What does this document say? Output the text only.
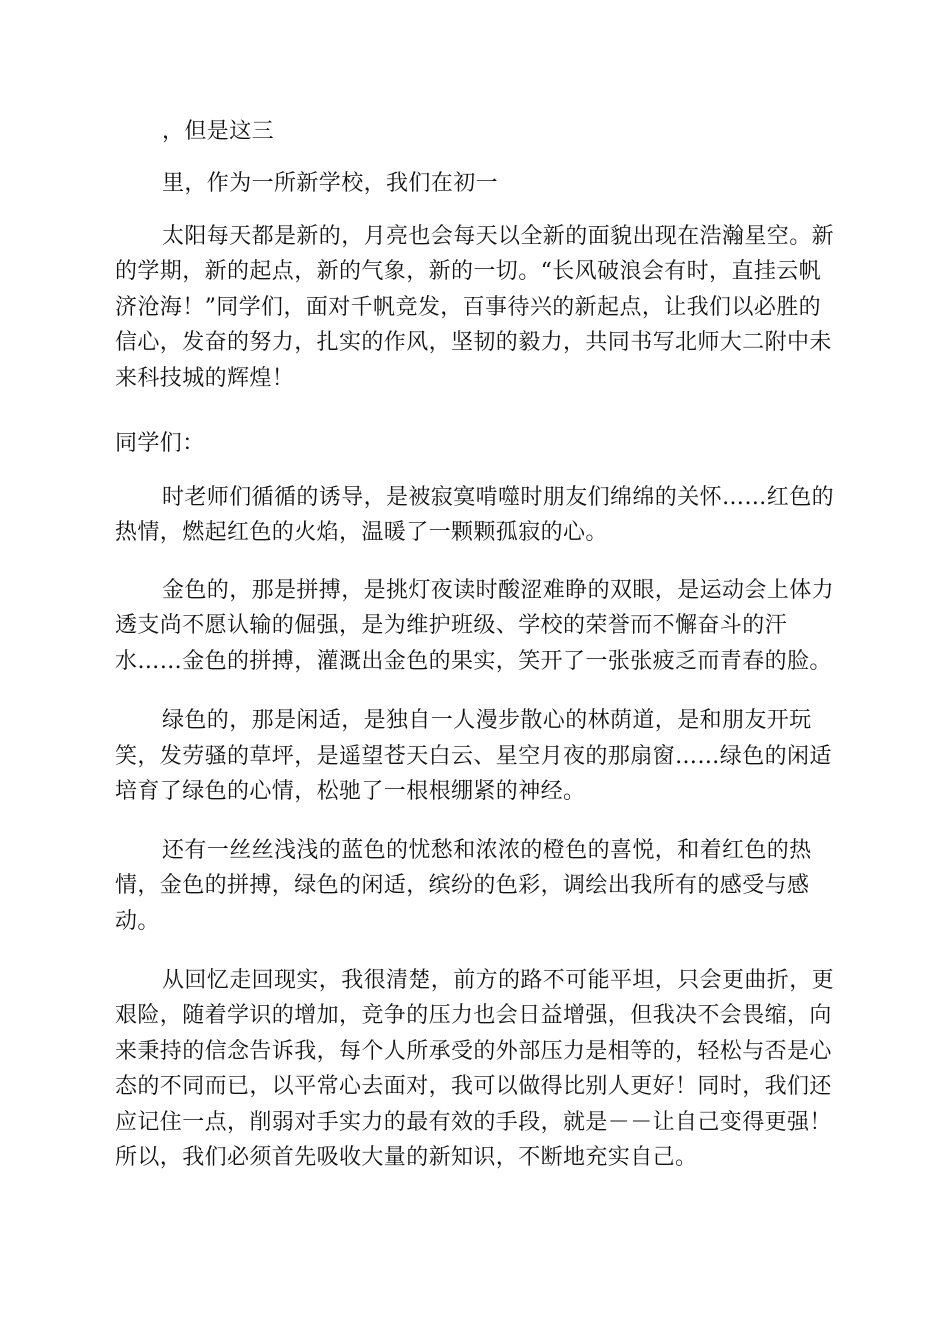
，但是这三
里，作为一所新学校，我们在初一
太阳每天都是新的，月亮也会每天以全新的面貌出现在浩瀚星空。新
的学期，新的起点，新的气象，新的一切。“长风破浪会有时，直挂云帆
济沧海！”同学们，面对千帆竞发，百事待兴的新起点，让我们以必胜的
信心，发奋的努力，扎实的作风，坚韧的毅力，共同书写北师大二附中未
来科技城的辉煌！
同学们：
时老师们循循的诱导，是被寂寞啃噬时朋友们绵绵的关怀……红色的
热情，燃起红色的火焰，温暖了一颗颗孤寂的心。
金色的，那是拼搏，是挑灯夜读时酸涩难睁的双眼，是运动会上体力
透支尚不愿认输的倔强，是为维护班级、学校的荣誉而不懈奋斗的汗
水……金色的拼搏，灌溉出金色的果实，笑开了一张张疲乏而青春的脸。
绿色的，那是闲适，是独自一人漫步散心的林荫道，是和朋友开玩
笑，发劳骚的草坪，是遥望苍天白云、星空月夜的那扇窗……绿色的闲适
培育了绿色的心情，松驰了一根根绷紧的神经。
还有一丝丝浅浅的蓝色的忧愁和浓浓的橙色的喜悦，和着红色的热
情，金色的拼搏，绿色的闲适，缤纷的色彩，调绘出我所有的感受与感
动。
从回忆走回现实，我很清楚，前方的路不可能平坦，只会更曲折，更
艰险，随着学识的增加，竞争的压力也会日益增强，但我决不会畏缩，向
来秉持的信念告诉我，每个人所承受的外部压力是相等的，轻松与否是心
态的不同而已，以平常心去面对，我可以做得比别人更好！同时，我们还
应记住一点，削弱对手实力的最有效的手段，就是－－让自己变得更强！
所以，我们必须首先吸收大量的新知识，不断地充实自己。
